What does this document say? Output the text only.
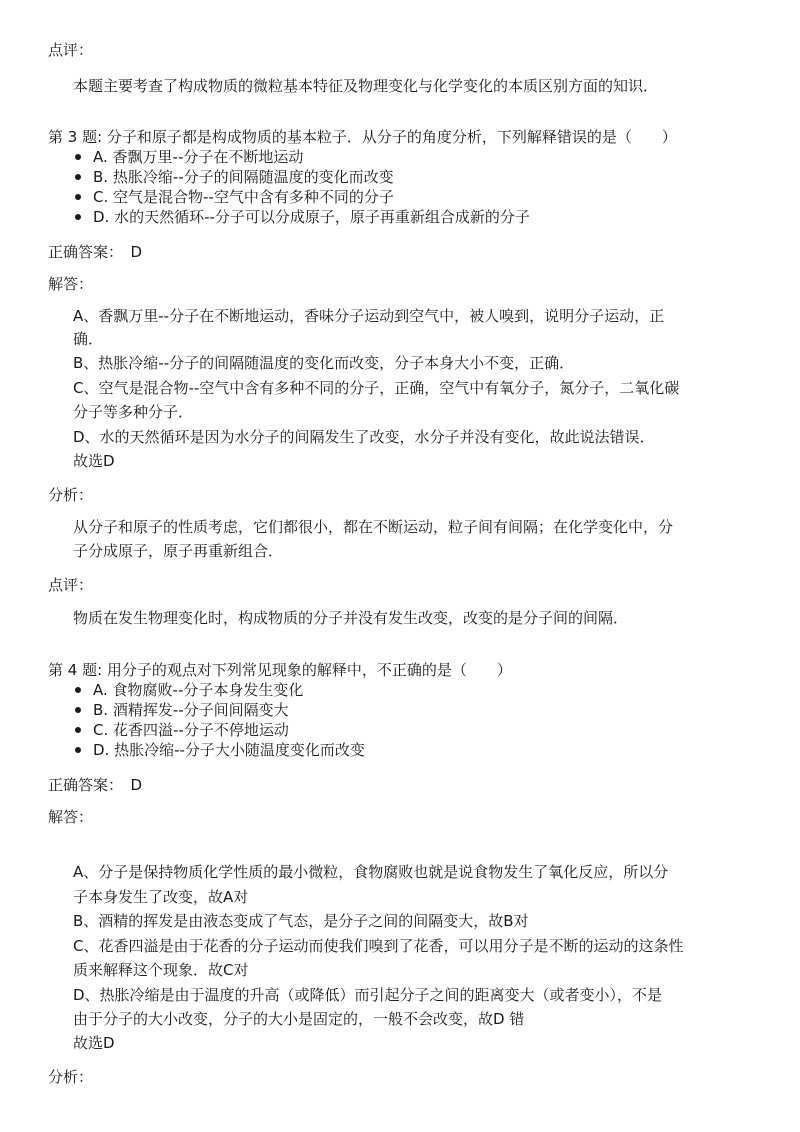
点评：
本题主要考查了构成物质的微粒基本特征及物理变化与化学变化的本质区别方面的知识．
第 3 题: 分子和原子都是构成物质的基本粒子．从分子的角度分析，下列解释错误的是（　　）
A. 香飘万里--分子在不断地运动
B. 热胀冷缩--分子的间隔随温度的变化而改变
C. 空气是混合物--空气中含有多种不同的分子
D. 水的天然循环--分子可以分成原子，原子再重新组合成新的分子
正确答案：　D
解答：
A、香飘万里--分子在不断地运动，香味分子运动到空气中，被人嗅到，说明分子运动，正
确．
B、热胀冷缩--分子的间隔随温度的变化而改变，分子本身大小不变，正确．
C、空气是混合物--空气中含有多种不同的分子，正确，空气中有氧分子，氮分子，二氧化碳
分子等多种分子．
D、水的天然循环是因为水分子的间隔发生了改变，水分子并没有变化，故此说法错误．
故选D
分析：
从分子和原子的性质考虑，它们都很小，都在不断运动，粒子间有间隔；在化学变化中，分
子分成原子，原子再重新组合．
点评：
物质在发生物理变化时，构成物质的分子并没有发生改变，改变的是分子间的间隔．
第 4 题: 用分子的观点对下列常见现象的解释中，不正确的是（　　）
A. 食物腐败--分子本身发生变化
B. 酒精挥发--分子间间隔变大
C. 花香四溢--分子不停地运动
D. 热胀冷缩--分子大小随温度变化而改变
正确答案：　D
解答：
A、分子是保持物质化学性质的最小微粒，食物腐败也就是说食物发生了氧化反应，所以分
子本身发生了改变，故A对
B、酒精的挥发是由液态变成了气态，是分子之间的间隔变大，故B对
C、花香四溢是由于花香的分子运动而使我们嗅到了花香，可以用分子是不断的运动的这条性
质来解释这个现象．故C对
D、热胀冷缩是由于温度的升高（或降低）而引起分子之间的距离变大（或者变小），不是
由于分子的大小改变，分子的大小是固定的，一般不会改变，故D 错
故选D
分析：
